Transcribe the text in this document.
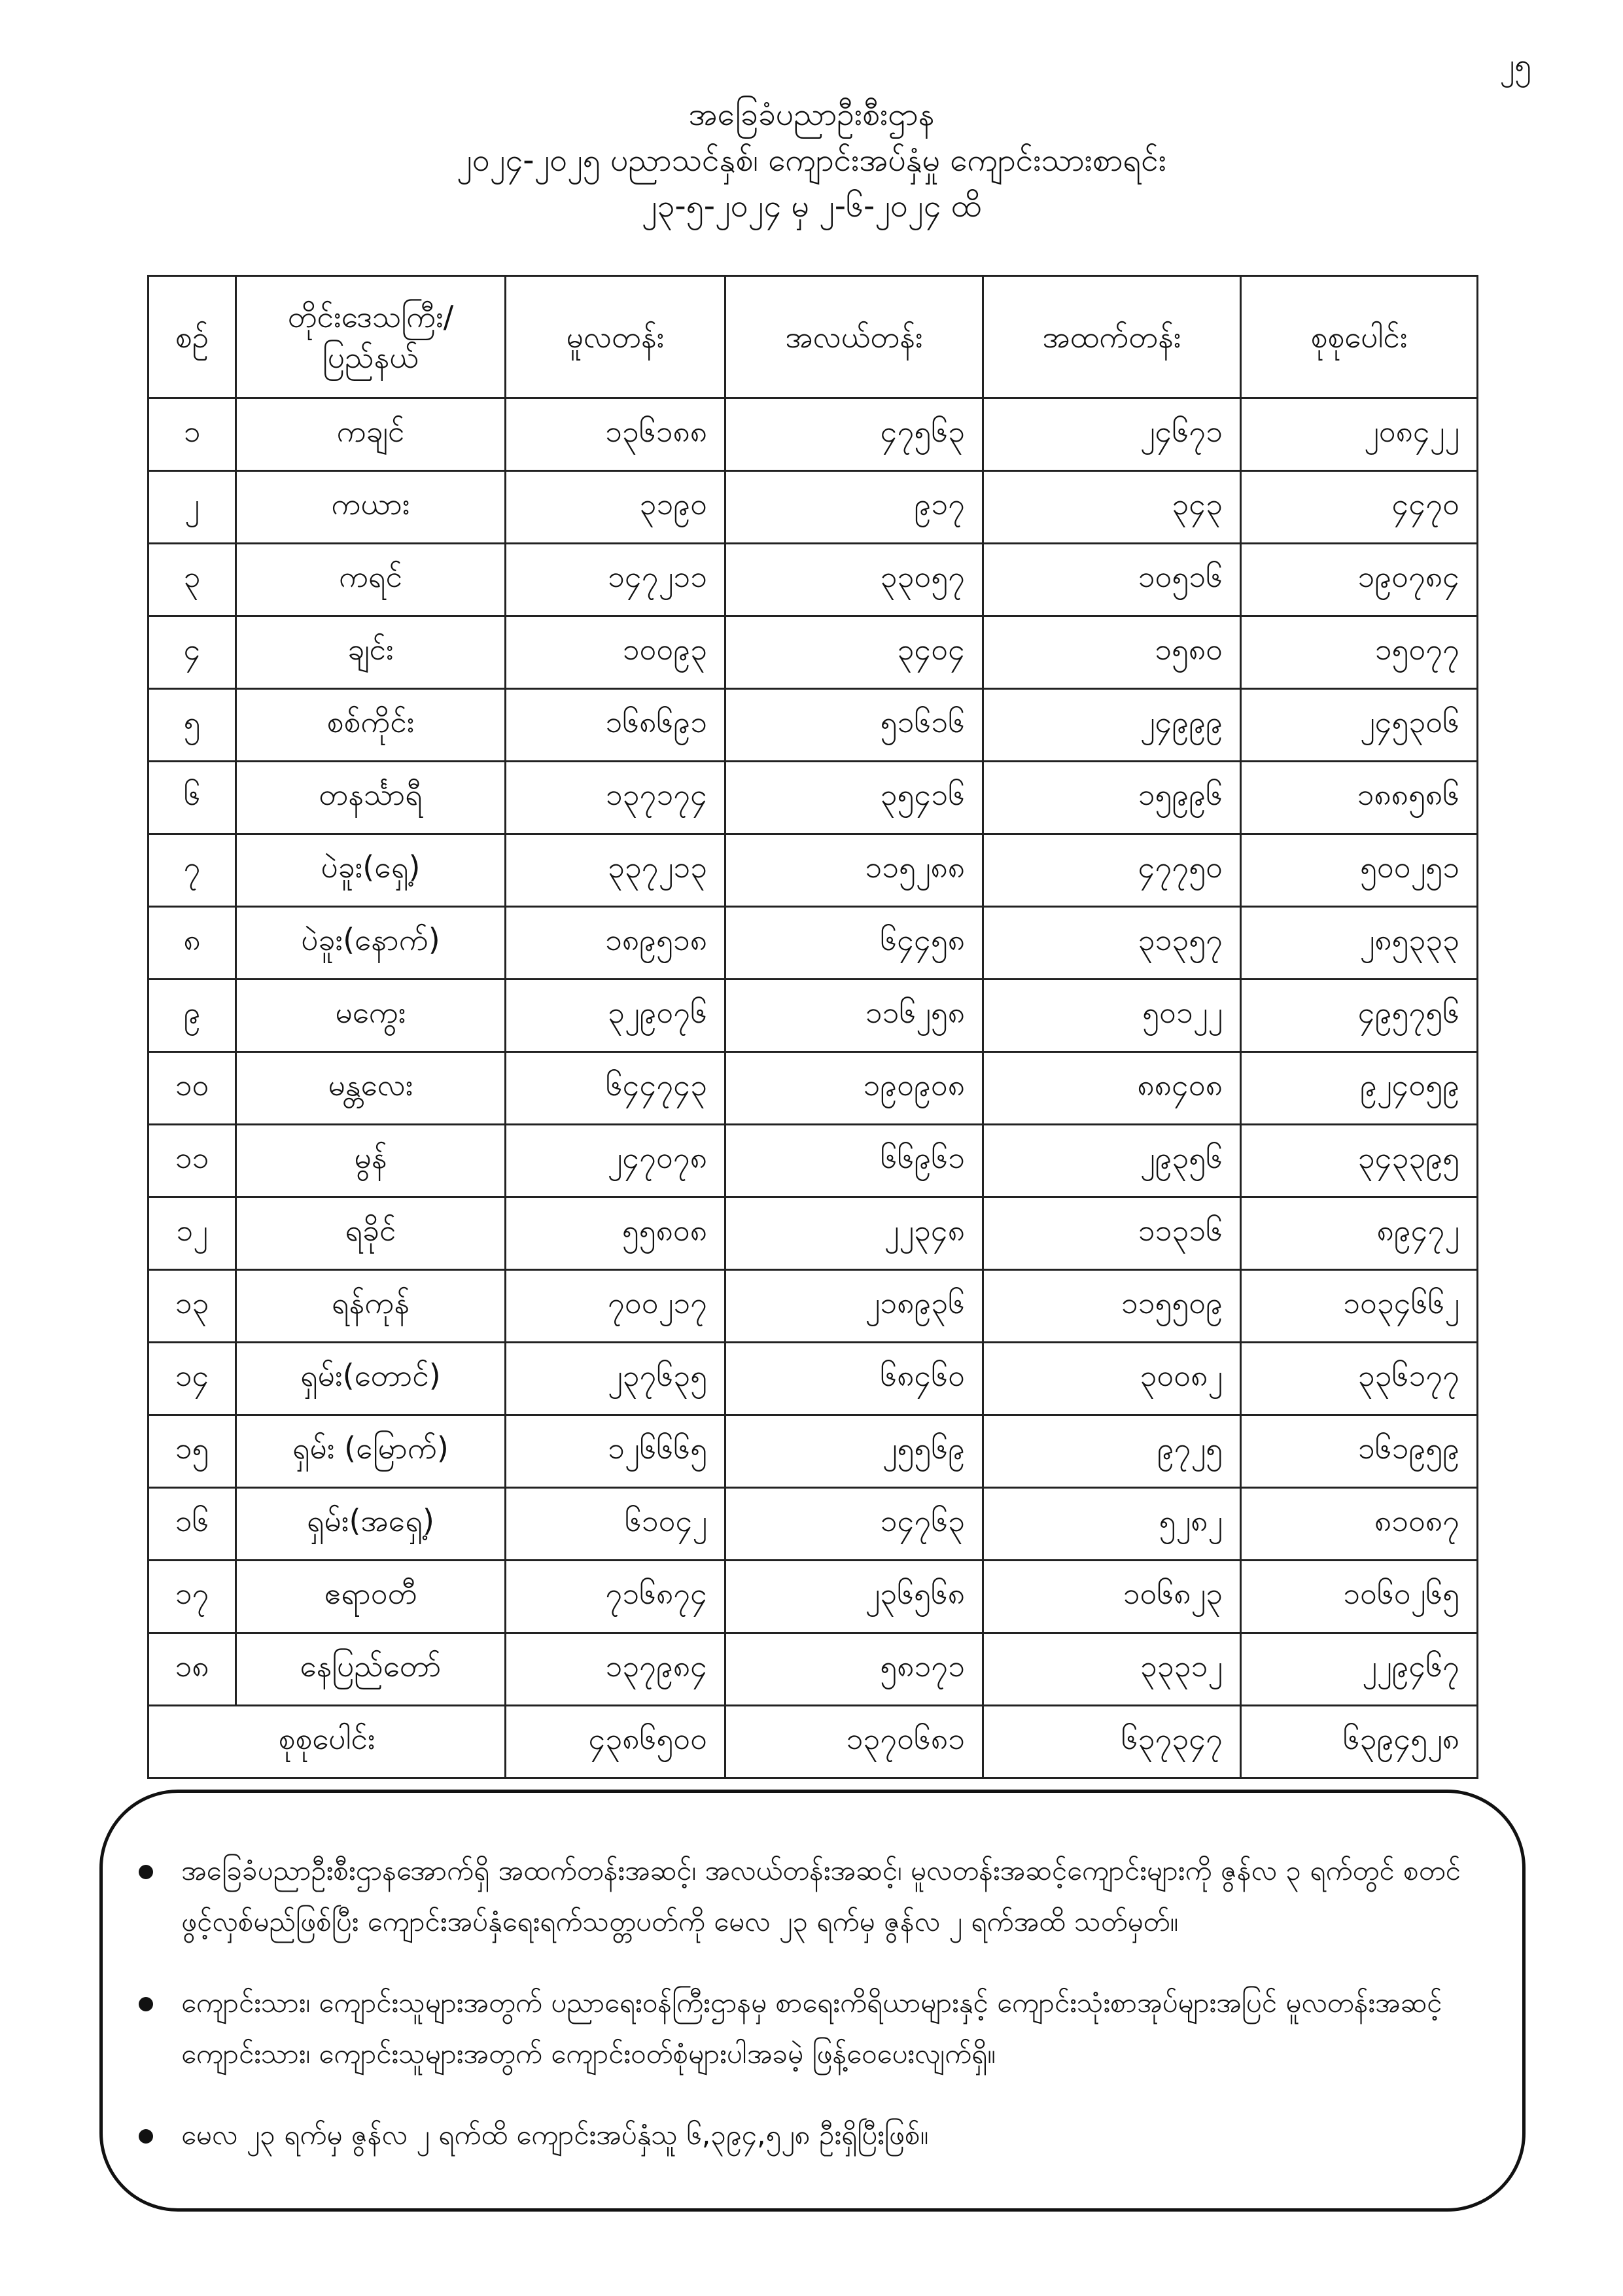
၂၅
အခြေခံပညာဦးစီးဌာန
၂၀၂၄-၂၀၂၅ ပညာသင်နှစ်၊ ကျောင်းအပ်နှံမှု ကျောင်းသားစာရင်း
၂၃-၅-၂၀၂၄ မှ ၂-၆-၂၀၂၄ ထိ
စဉ်	တိုင်းဒေသကြီး/ ပြည်နယ်	မူလတန်း	အလယ်တန်း	အထက်တန်း	စုစုပေါင်း
၁	ကချင်	၁၃၆၁၈၈	၄၇၅၆၃	၂၄၆၇၁	၂၀၈၄၂၂
၂	ကယား	၃၁၉၀	၉၁၇	၃၄၃	၄၄၇၀
၃	ကရင်	၁၄၇၂၁၁	၃၃၀၅၇	၁၀၅၁၆	၁၉၀၇၈၄
၄	ချင်း	၁၀၀၉၃	၃၄၀၄	၁၅၈၀	၁၅၀၇၇
၅	စစ်ကိုင်း	၁၆၈၆၉၁	၅၁၆၁၆	၂၄၉၉၉	၂၄၅၃၀၆
၆	တနင်္သာရီ	၁၃၇၁၇၄	၃၅၄၁၆	၁၅၉၉၆	၁၈၈၅၈၆
၇	ပဲခူး(ရှေ့)	၃၃၇၂၁၃	၁၁၅၂၈၈	၄၇၇၅၀	၅၀၀၂၅၁
၈	ပဲခူး(နောက်)	၁၈၉၅၁၈	၆၄၄၅၈	၃၁၃၅၇	၂၈၅၃၃၃
၉	မကွေး	၃၂၉၀၇၆	၁၁၆၂၅၈	၅၀၁၂၂	၄၉၅၇၅၆
၁၀	မန္တလေး	၆၄၄၇၄၃	၁၉၀၉၀၈	၈၈၄၀၈	၉၂၄၀၅၉
၁၁	မွန်	၂၄၇၀၇၈	၆၆၉၆၁	၂၉၃၅၆	၃၄၃၃၉၅
၁၂	ရခိုင်	၅၅၈၀၈	၂၂၃၄၈	၁၁၃၁၆	၈၉၄၇၂
၁၃	ရန်ကုန်	၇၀၀၂၁၇	၂၁၈၉၃၆	၁၁၅၅၀၉	၁၀၃၄၆၆၂
၁၄	ရှမ်း(တောင်)	၂၃၇၆၃၅	၆၈၄၆၀	၃၀၀၈၂	၃၃၆၁၇၇
၁၅	ရှမ်း (မြောက်)	၁၂၆၆၆၅	၂၅၅၆၉	၉၇၂၅	၁၆၁၉၅၉
၁၆	ရှမ်း(အရှေ့)	၆၁၀၄၂	၁၄၇၆၃	၅၂၈၂	၈၁၀၈၇
၁၇	ဧရာဝတီ	၇၁၆၈၇၄	၂၃၆၅၆၈	၁၀၆၈၂၃	၁၀၆၀၂၆၅
၁၈	နေပြည်တော်	၁၃၇၉၈၄	၅၈၁၇၁	၃၃၃၁၂	၂၂၉၄၆၇
စုစုပေါင်း		၄၃၈၆၅၀၀	၁၃၇၀၆၈၁	၆၃၇၃၄၇	၆၃၉၄၅၂၈
အခြေခံပညာဦးစီးဌာနအောက်ရှိ အထက်တန်းအဆင့်၊ အလယ်တန်းအဆင့်၊ မူလတန်းအဆင့်ကျောင်းများကို ဇွန်လ ၃ ရက်တွင် စတင်ဖွင့်လှစ်မည်ဖြစ်ပြီး ကျောင်းအပ်နှံရေးရက်သတ္တပတ်ကို မေလ ၂၃ ရက်မှ ဇွန်လ ၂ ရက်အထိ သတ်မှတ်။
ကျောင်းသား၊ ကျောင်းသူများအတွက် ပညာရေးဝန်ကြီးဌာနမှ စာရေးကိရိယာများနှင့် ကျောင်းသုံးစာအုပ်များအပြင် မူလတန်းအဆင့်ကျောင်းသား၊ ကျောင်းသူများအတွက် ကျောင်းဝတ်စုံများပါအခမဲ့ ဖြန့်ဝေပေးလျက်ရှိ။
မေလ ၂၃ ရက်မှ ဇွန်လ ၂ ရက်ထိ ကျောင်းအပ်နှံသူ ၆,၃၉၄,၅၂၈ ဦးရှိပြီးဖြစ်။
